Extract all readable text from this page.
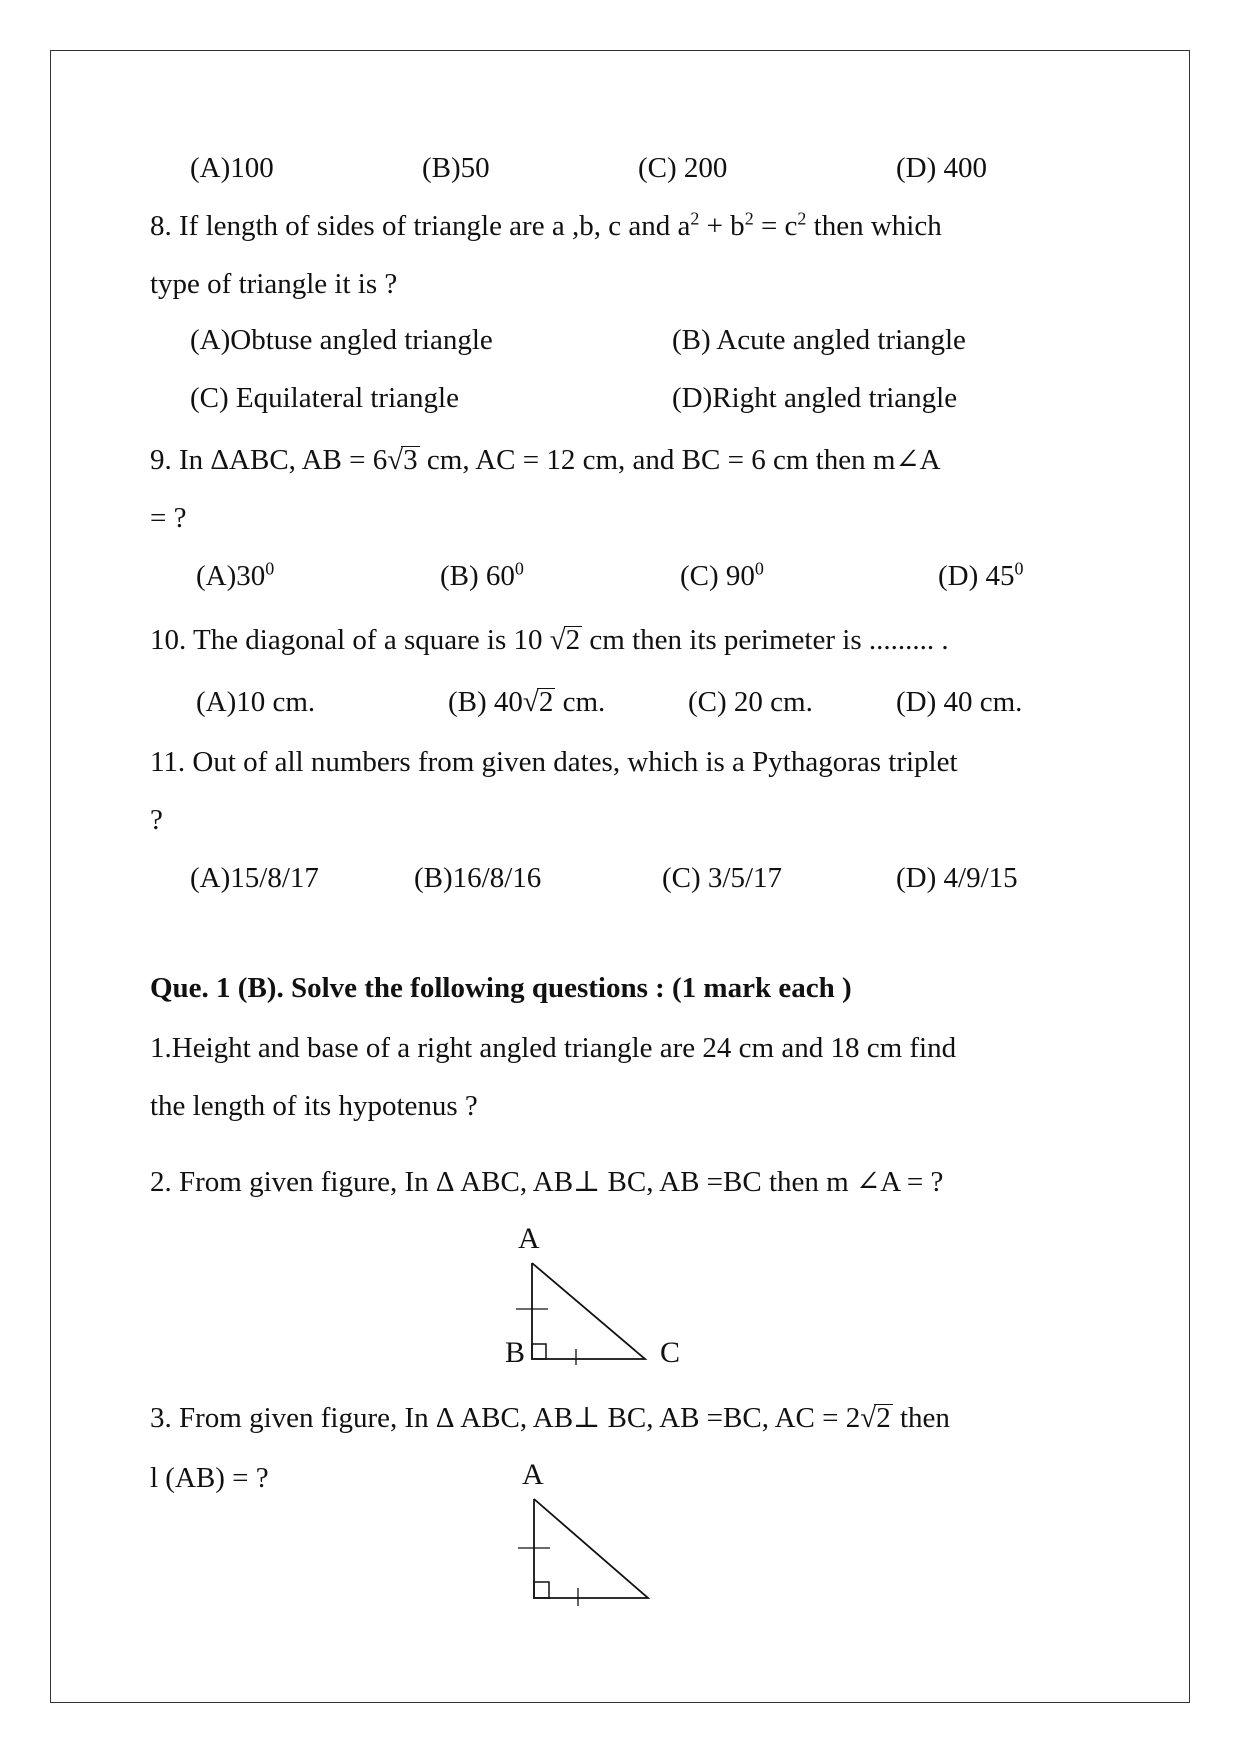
(A)100	(B)50	(C) 200	(D) 400
8. If length of sides of triangle are a ,b, c and $a^2 + b^2 = c^2$ then which
type of triangle it is ?
(A)Obtuse angled triangle	(B) Acute angled triangle
(C) Equilateral triangle	(D)Right angled triangle
9. In ΔABC, AB = 6√3 cm, AC = 12 cm, and BC = 6 cm then m∠A
= ?
$(A)30^0$	(B) $60^0$	(C) $90^0$	(D) $45^0$
10. The diagonal of a square is 10 √2 cm then its perimeter is ......... .
(A)10 cm.	(B) 40√2 cm.	(C) 20 cm.	(D) 40 cm.
11. Out of all numbers from given dates, which is a Pythagoras triplet
?
(A)15/8/17	(B)16/8/16	(C) 3/5/17	(D) 4/9/15
Que. 1 (B). Solve the following questions : (1 mark each )
1.Height and base of a right angled triangle are 24 cm and 18 cm find
the length of its hypotenus ?
2. From given figure, In Δ ABC, AB⊥ BC, AB =BC then m ∠A = ?
A
B	C
3. From given figure, In Δ ABC, AB⊥ BC, AB =BC, AC = 2√2 then
l (AB) = ?	A
